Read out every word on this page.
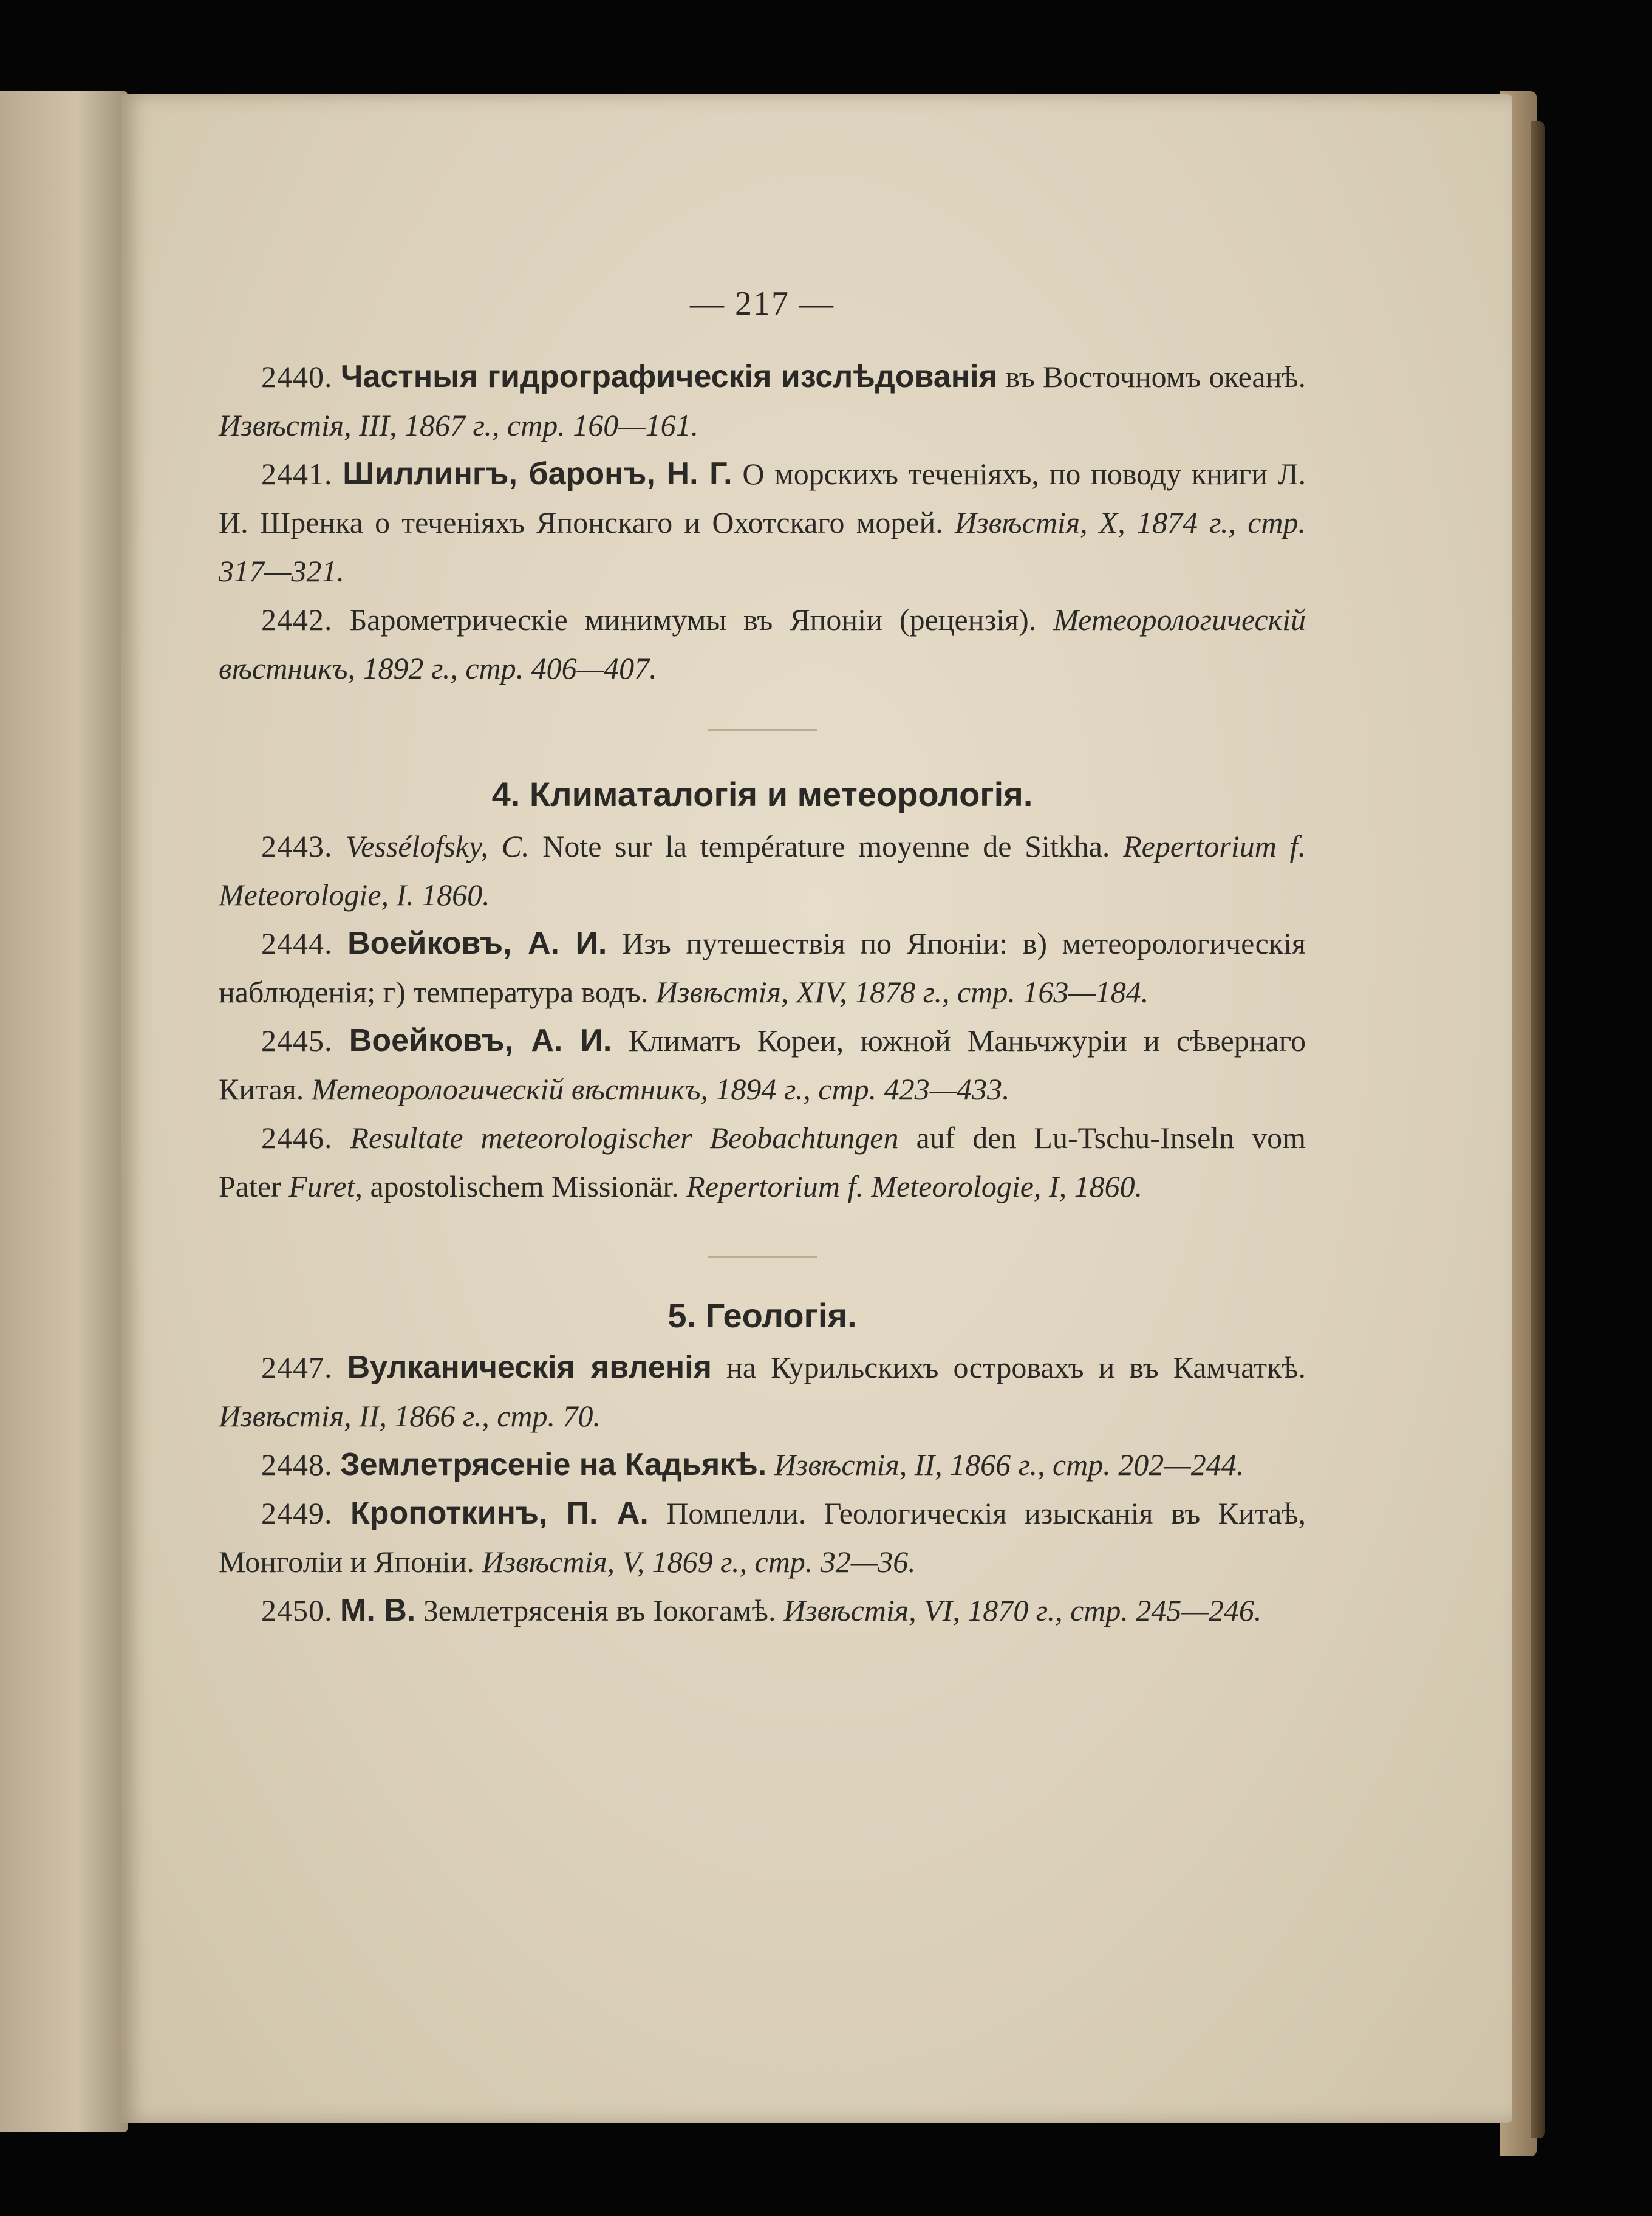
— 217 —

2440. Частныя гидрографическія изслѣдованія въ Восточномъ океанѣ. Извѣстія, III, 1867 г., стр. 160—161.

2441. Шиллингъ, баронъ, Н. Г. О морскихъ теченіяхъ, по поводу книги Л. И. Шренка о теченіяхъ Японскаго и Охотскаго морей. Извѣстія, X, 1874 г., стр. 317—321.

2442. Барометрическіе минимумы въ Японіи (рецензія). Метеорологическій вѣстникъ, 1892 г., стр. 406—407.

4. Климаталогія и метеорологія.

2443. Vessélofsky, C. Note sur la température moyenne de Sitkha. Repertorium f. Meteorologie, I. 1860.

2444. Воейковъ, А. И. Изъ путешествія по Японіи: в) метеорологическія наблюденія; г) температура водъ. Извѣстія, XIV, 1878 г., стр. 163—184.

2445. Воейковъ, А. И. Климатъ Кореи, южной Маньчжуріи и сѣвернаго Китая. Метеорологическій вѣстникъ, 1894 г., стр. 423—433.

2446. Resultate meteorologischer Beobachtungen auf den Lu-Tschu-Inseln vom Pater Furet, apostolischem Missionär. Repertorium f. Meteorologie, I, 1860.

5. Геологія.

2447. Вулканическія явленія на Курильскихъ островахъ и въ Камчаткѣ. Извѣстія, II, 1866 г., стр. 70.

2448. Землетрясеніе на Кадьякѣ. Извѣстія, II, 1866 г., стр. 202—244.

2449. Кропоткинъ, П. А. Помпелли. Геологическія изысканія въ Китаѣ, Монголіи и Японіи. Извѣстія, V, 1869 г., стр. 32—36.

2450. М. В. Землетрясенія въ Іокогамѣ. Извѣстія, VI, 1870 г., стр. 245—246.
